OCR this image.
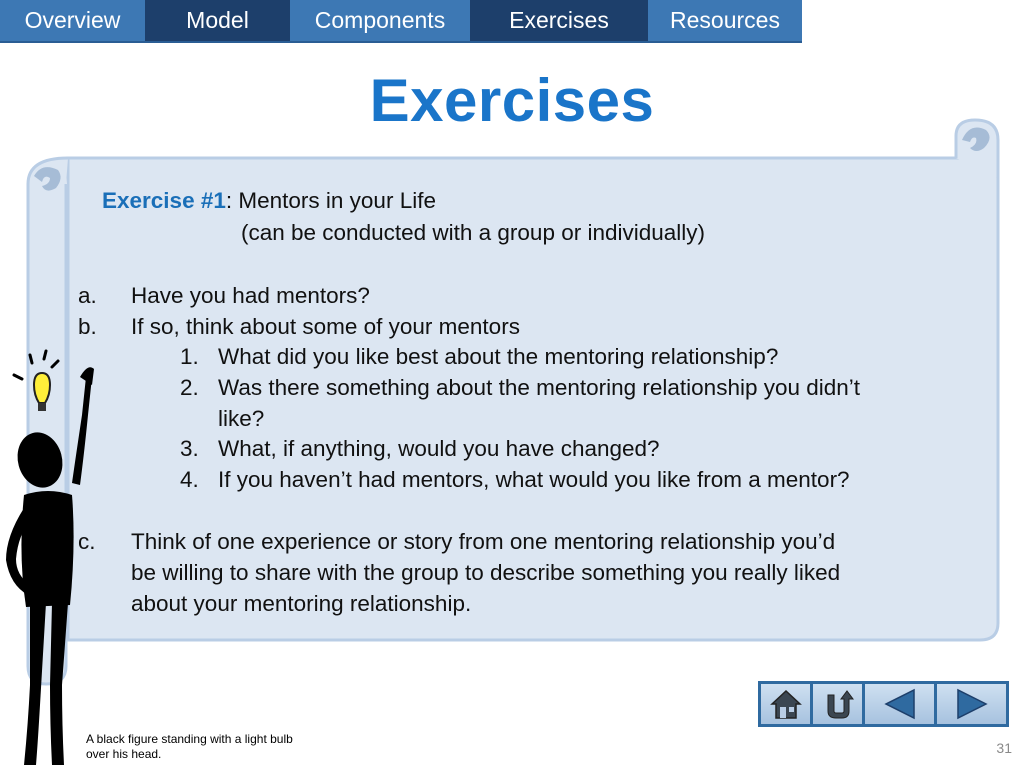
Overview	Model	Components	Exercises	Resources
Exercises
Exercise #1: Mentors in your Life
(can be conducted with a group or individually)
a. Have you had mentors?
b. If so, think about some of your mentors
1. What did you like best about the mentoring relationship?
2. Was there something about the mentoring relationship you didn’t
like?
3. What, if anything, would you have changed?
4. If you haven’t had mentors, what would you like from a mentor?
c. Think of one experience or story from one mentoring relationship you’d
be willing to share with the group to describe something you really liked
about your mentoring relationship.
A black figure standing with a light bulb
over his head.	31
